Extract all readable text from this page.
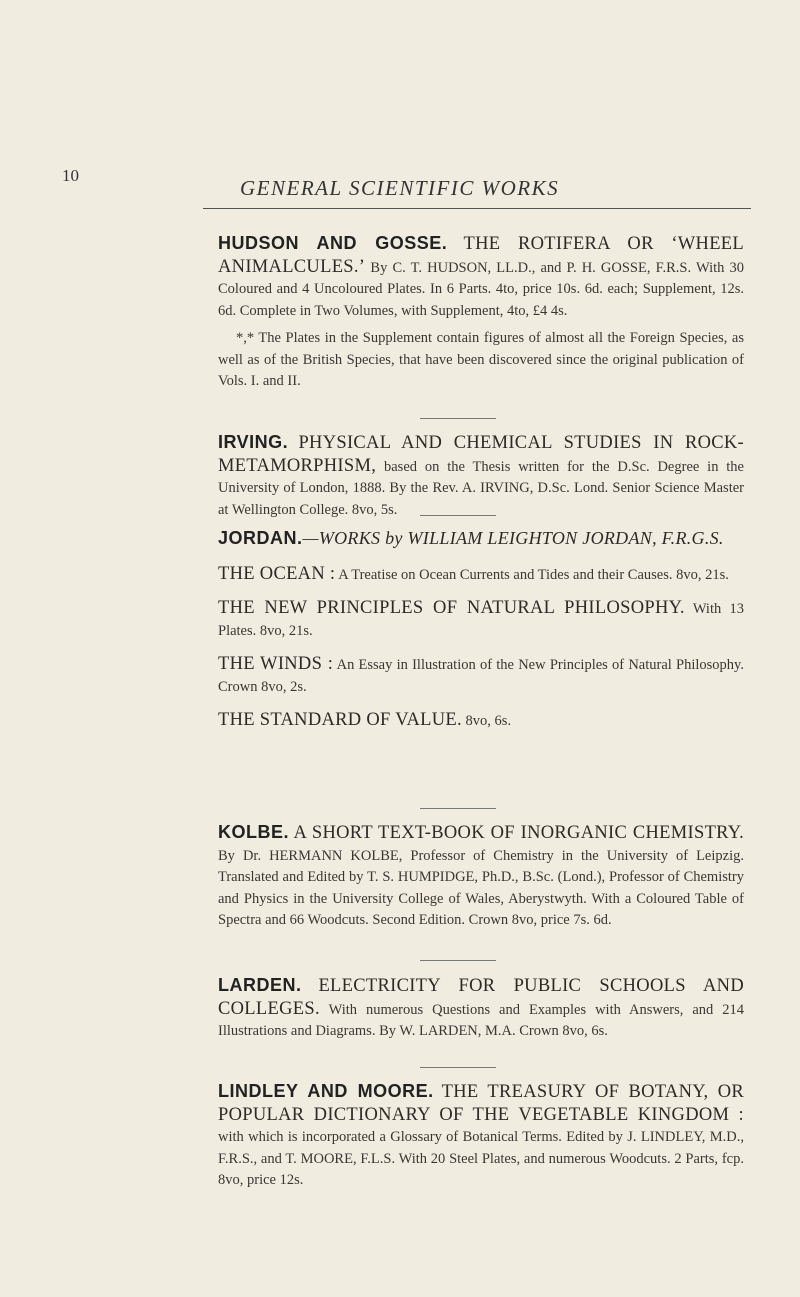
10
GENERAL SCIENTIFIC WORKS

HUDSON AND GOSSE. THE ROTIFERA OR ‘WHEEL ANIMALCULES.’ By C. T. HUDSON, LL.D., and P. H. GOSSE, F.R.S. With 30 Coloured and 4 Uncoloured Plates. In 6 Parts. 4to, price 10s. 6d. each; Supplement, 12s. 6d. Complete in Two Volumes, with Supplement, 4to, £4 4s.

*,* The Plates in the Supplement contain figures of almost all the Foreign Species, as well as of the British Species, that have been discovered since the original publication of Vols. I. and II.

IRVING. PHYSICAL AND CHEMICAL STUDIES IN ROCK-METAMORPHISM, based on the Thesis written for the D.Sc. Degree in the University of London, 1888. By the Rev. A. IRVING, D.Sc. Lond. Senior Science Master at Wellington College. 8vo, 5s.

JORDAN.—WORKS by WILLIAM LEIGHTON JORDAN, F.R.G.S.

THE OCEAN : A Treatise on Ocean Currents and Tides and their Causes. 8vo, 21s.

THE NEW PRINCIPLES OF NATURAL PHILOSOPHY. With 13 Plates. 8vo, 21s.

THE WINDS : An Essay in Illustration of the New Principles of Natural Philosophy. Crown 8vo, 2s.

THE STANDARD OF VALUE. 8vo, 6s.

KOLBE. A SHORT TEXT-BOOK OF INORGANIC CHEMISTRY. By Dr. HERMANN KOLBE, Professor of Chemistry in the University of Leipzig. Translated and Edited by T. S. HUMPIDGE, Ph.D., B.Sc. (Lond.), Professor of Chemistry and Physics in the University College of Wales, Aberystwyth. With a Coloured Table of Spectra and 66 Woodcuts. Second Edition. Crown 8vo, price 7s. 6d.

LARDEN. ELECTRICITY FOR PUBLIC SCHOOLS AND COLLEGES. With numerous Questions and Examples with Answers, and 214 Illustrations and Diagrams. By W. LARDEN, M.A. Crown 8vo, 6s.

LINDLEY AND MOORE. THE TREASURY OF BOTANY, OR POPULAR DICTIONARY OF THE VEGETABLE KINGDOM : with which is incorporated a Glossary of Botanical Terms. Edited by J. LINDLEY, M.D., F.R.S., and T. MOORE, F.L.S. With 20 Steel Plates, and numerous Woodcuts. 2 Parts, fcp. 8vo, price 12s.
